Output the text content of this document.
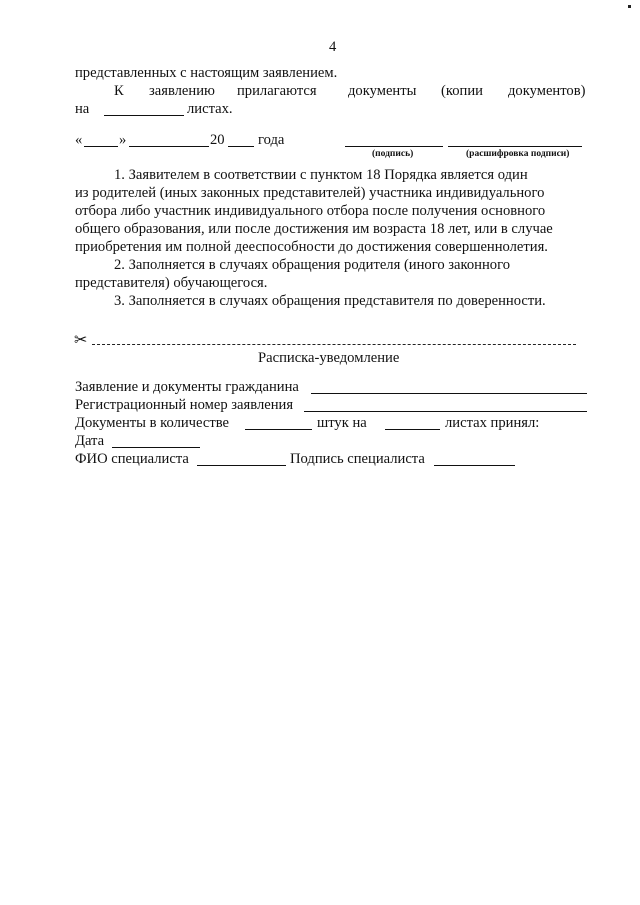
4
представленных с настоящим заявлением.
К заявлению прилагаются документы (копии документов)
на	листах.
«	»	20 года
(подпись)	(расшифровка подписи)
1. Заявителем в соответствии с пунктом 18 Порядка является один
из родителей (иных законных представителей) участника индивидуального
отбора либо участник индивидуального отбора после получения основного
общего образования, или после достижения им возраста 18 лет, или в случае
приобретения им полной дееспособности до достижения совершеннолетия.
2. Заполняется в случаях обращения родителя (иного законного
представителя) обучающегося.
3. Заполняется в случаях обращения представителя по доверенности.
✂
Расписка-уведомление
Заявление и документы гражданина
Регистрационный номер заявления
Документы в количестве	штук на	листах принял:
Дата
ФИО специалиста	Подпись специалиста
